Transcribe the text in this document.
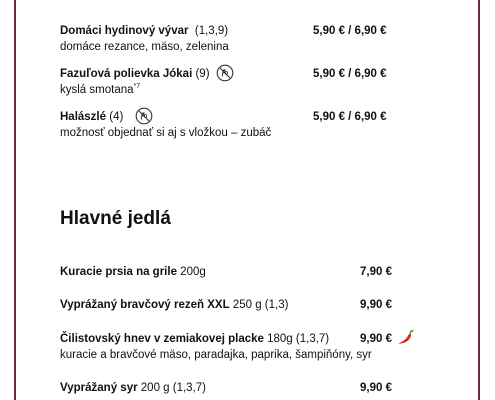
Domáci hydinový vývar (1,3,9)	5,90 € / 6,90 €
domáce rezance, mäso, zelenina
Fazuľová polievka Jókai (9)	5,90 € / 6,90 €
kyslá smotana$^{*7}$
Halászlé (4)	5,90 € / 6,90 €
možnosť objednať si aj s vložkou – zubáč
Hlavné jedlá
Kuracie prsia na grile 200g	7,90 €
Vyprážaný bravčový rezeň XXL 250 g (1,3)	9,90 €
Čilistovský hnev v zemiakovej placke 180g (1,3,7)	9,90 €
kuracie a bravčové mäso, paradajka, paprika, šampiňóny, syr
Vyprážaný syr 200 g (1,3,7)	9,90 €
